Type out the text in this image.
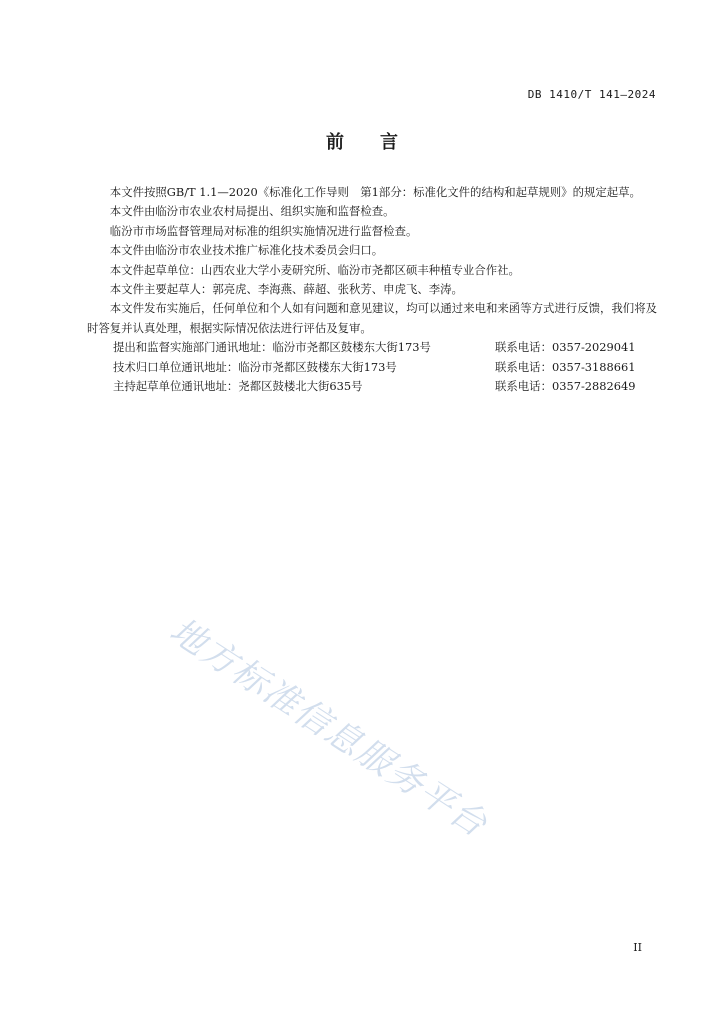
DB 1410/T 141—2024
前 言

本文件按照GB/T 1.1—2020《标准化工作导则　第1部分：标准化文件的结构和起草规则》的规定起草。

本文件由临汾市农业农村局提出、组织实施和监督检查。

临汾市市场监督管理局对标准的组织实施情况进行监督检查。

本文件由临汾市农业技术推广标准化技术委员会归口。

本文件起草单位：山西农业大学小麦研究所、临汾市尧都区硕丰种植专业合作社。

本文件主要起草人：郭亮虎、李海燕、薛超、张秋芳、申虎飞、李涛。

本文件发布实施后，任何单位和个人如有问题和意见建议，均可以通过来电和来函等方式进行反馈，我们将及时答复并认真处理，根据实际情况依法进行评估及复审。

提出和监督实施部门通讯地址：临汾市尧都区鼓楼东大街173号	联系电话：0357-2029041
技术归口单位通讯地址：临汾市尧都区鼓楼东大街173号	联系电话：0357-3188661
主持起草单位通讯地址：尧都区鼓楼北大街635号	联系电话：0357-2882649
地方标准信息服务平台
II
